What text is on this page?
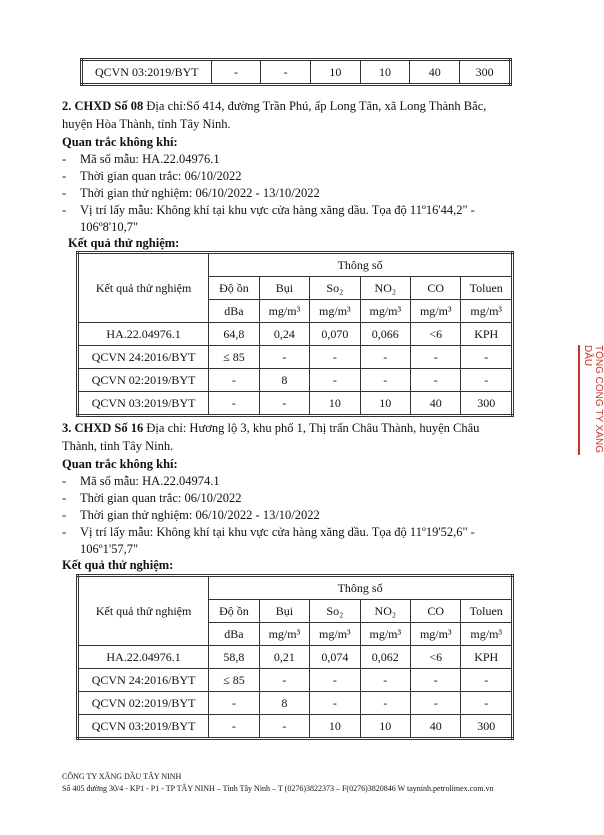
QCVN 03:2019/BYT	-	-	10	10	40	300
2. CHXD Số 08 Địa chỉ:Số 414, đường Trần Phú, ấp Long Tân, xã Long Thành Bắc,
huyện Hòa Thành, tỉnh Tây Ninh.
Quan trắc không khí:
- Mã số mẫu: HA.22.04976.1
- Thời gian quan trắc: 06/10/2022
- Thời gian thử nghiệm: 06/10/2022 - 13/10/2022
- Vị trí lấy mẫu: Không khí tại khu vực cửa hàng xăng dầu. Tọa độ 11º16'44,2" -
106º8'10,7"
Kết quả thử nghiệm:
Kết quả thử nghiệm	Thông số					
	Độ ồn	Bụi	So₂	NO₂	CO	Toluen
	dBa	mg/m³	mg/m³	mg/m³	mg/m³	mg/m³
HA.22.04976.1	64,8	0,24	0,070	0,066	<6	KPH
QCVN 24:2016/BYT	≤ 85	-	-	-	-	-
QCVN 02:2019/BYT	-	8	-	-	-	-
QCVN 03:2019/BYT	-	-	10	10	40	300
3. CHXD Số 16 Địa chỉ: Hương lộ 3, khu phố 1, Thị trấn Châu Thành, huyện Châu
Thành, tỉnh Tây Ninh.
Quan trắc không khí:
- Mã số mẫu: HA.22.04974.1
- Thời gian quan trắc: 06/10/2022
- Thời gian thử nghiệm: 06/10/2022 - 13/10/2022
- Vị trí lấy mẫu: Không khí tại khu vực cửa hàng xăng dầu. Tọa độ 11º19'52,6" -
106º1'57,7"
Kết quả thử nghiệm:
Kết quả thử nghiệm	Thông số					
	Độ ồn	Bụi	So₂	NO₂	CO	Toluen
	dBa	mg/m³	mg/m³	mg/m³	mg/m³	mg/m³
HA.22.04976.1	58,8	0,21	0,074	0,062	<6	KPH
QCVN 24:2016/BYT	≤ 85	-	-	-	-	-
QCVN 02:2019/BYT	-	8	-	-	-	-
QCVN 03:2019/BYT	-	-	10	10	40	300
TỔNG CÔNG TY XĂNG DẦU
CÔNG TY XĂNG DẦU TÂY NINH
Số 405 đường 30/4 - KP1 - P1 - TP TÂY NINH – Tỉnh Tây Ninh – T (0276)3822373 – F(0276)3820846 W tayninh.petrolimex.com.vn
